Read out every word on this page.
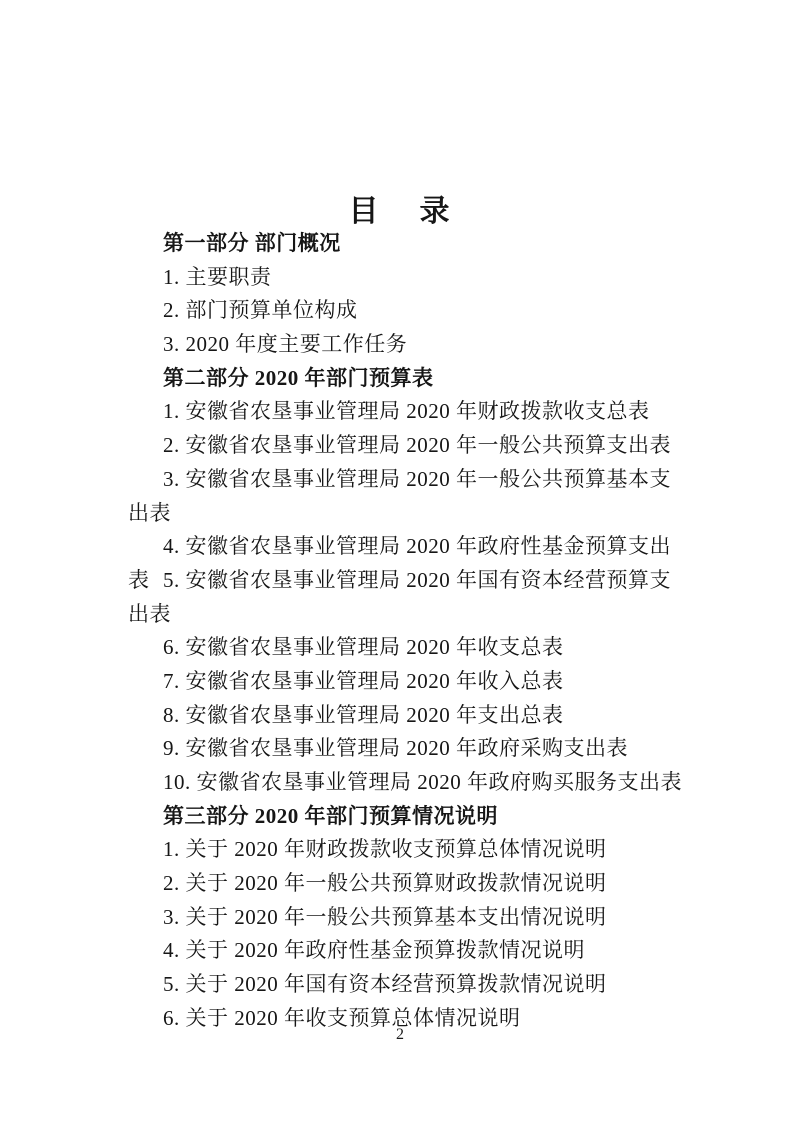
目  录
第一部分 部门概况
1. 主要职责
2. 部门预算单位构成
3. 2020 年度主要工作任务
第二部分 2020 年部门预算表
1. 安徽省农垦事业管理局 2020 年财政拨款收支总表
2. 安徽省农垦事业管理局 2020 年一般公共预算支出表
3. 安徽省农垦事业管理局 2020 年一般公共预算基本支出表
4. 安徽省农垦事业管理局 2020 年政府性基金预算支出表 5. 安徽省农垦事业管理局 2020 年国有资本经营预算支出表
6. 安徽省农垦事业管理局 2020 年收支总表
7. 安徽省农垦事业管理局 2020 年收入总表
8. 安徽省农垦事业管理局 2020 年支出总表
9. 安徽省农垦事业管理局 2020 年政府采购支出表
10. 安徽省农垦事业管理局 2020 年政府购买服务支出表
第三部分 2020 年部门预算情况说明
1. 关于 2020 年财政拨款收支预算总体情况说明
2. 关于 2020 年一般公共预算财政拨款情况说明
3. 关于 2020 年一般公共预算基本支出情况说明
4. 关于 2020 年政府性基金预算拨款情况说明
5. 关于 2020 年国有资本经营预算拨款情况说明
6. 关于 2020 年收支预算总体情况说明
2
